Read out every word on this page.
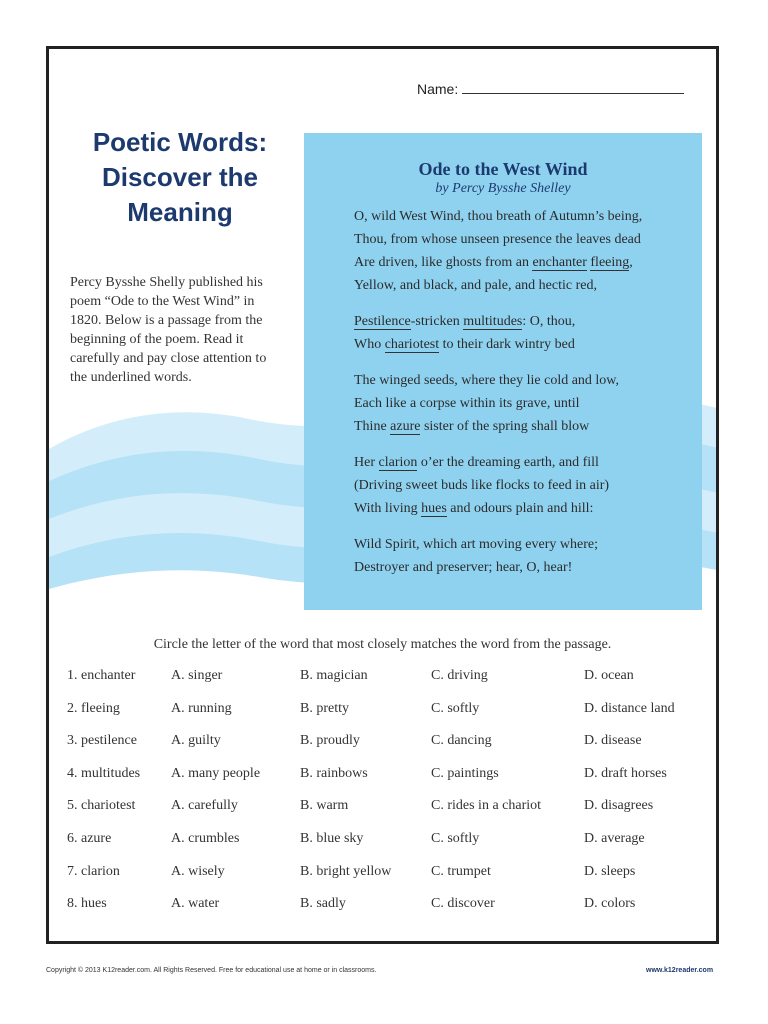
Name:
Poetic Words:
Discover the
Meaning
Percy Bysshe Shelly published his
poem “Ode to the West Wind” in
1820. Below is a passage from the
beginning of the poem. Read it
carefully and pay close attention to
the underlined words.
Ode to the West Wind
by Percy Bysshe Shelley
O, wild West Wind, thou breath of Autumn’s being,
Thou, from whose unseen presence the leaves dead
Are driven, like ghosts from an enchanter fleeing,
Yellow, and black, and pale, and hectic red,
Pestilence-stricken multitudes: O, thou,
Who chariotest to their dark wintry bed
The winged seeds, where they lie cold and low,
Each like a corpse within its grave, until
Thine azure sister of the spring shall blow
Her clarion o’er the dreaming earth, and fill
(Driving sweet buds like flocks to feed in air)
With living hues and odours plain and hill:
Wild Spirit, which art moving every where;
Destroyer and preserver; hear, O, hear!
Circle the letter of the word that most closely matches the word from the passage.
1. enchanter	A. singer	B. magician	C. driving	D. ocean
2. fleeing	A. running	B. pretty	C. softly	D. distance land
3. pestilence A. guilty	B. proudly	C. dancing	D. disease
4. multitudes A. many people	B. rainbows	C. paintings	D. draft horses
5. chariotest	A. carefully	B. warm	C. rides in a chariot	D. disagrees
6. azure	A. crumbles	B. blue sky	C. softly	D. average
7. clarion	A. wisely	B. bright yellow	C. trumpet	D. sleeps
8. hues	A. water	B. sadly	C. discover	D. colors
Copyright © 2013 K12reader.com. All Rights Reserved. Free for educational use at home or in classrooms.	www.k12reader.com
